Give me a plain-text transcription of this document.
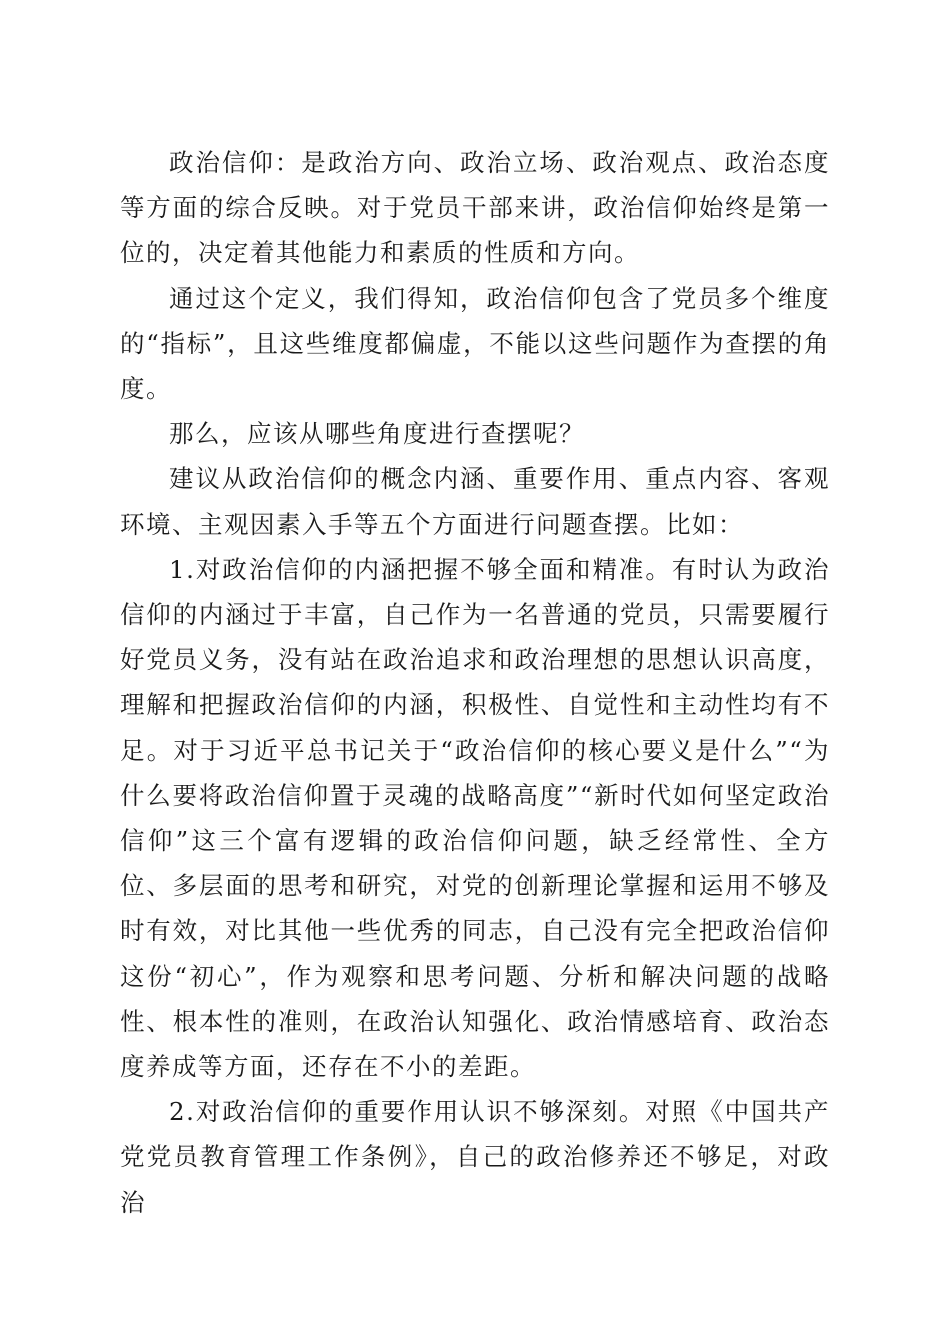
政治信仰：是政治方向、政治立场、政治观点、政治态度等方面的综合反映。对于党员干部来讲，政治信仰始终是第一位的，决定着其他能力和素质的性质和方向。

通过这个定义，我们得知，政治信仰包含了党员多个维度的“指标”，且这些维度都偏虚，不能以这些问题作为查摆的角度。

那么，应该从哪些角度进行查摆呢？

建议从政治信仰的概念内涵、重要作用、重点内容、客观环境、主观因素入手等五个方面进行问题查摆。比如：

1.对政治信仰的内涵把握不够全面和精准。有时认为政治信仰的内涵过于丰富，自己作为一名普通的党员，只需要履行好党员义务，没有站在政治追求和政治理想的思想认识高度，理解和把握政治信仰的内涵，积极性、自觉性和主动性均有不足。对于习近平总书记关于“政治信仰的核心要义是什么”“为什么要将政治信仰置于灵魂的战略高度”“新时代如何坚定政治信仰”这三个富有逻辑的政治信仰问题，缺乏经常性、全方位、多层面的思考和研究，对党的创新理论掌握和运用不够及时有效，对比其他一些优秀的同志，自己没有完全把政治信仰这份“初心”，作为观察和思考问题、分析和解决问题的战略性、根本性的准则，在政治认知强化、政治情感培育、政治态度养成等方面，还存在不小的差距。

2.对政治信仰的重要作用认识不够深刻。对照《中国共产党党员教育管理工作条例》，自己的政治修养还不够足，对政治
